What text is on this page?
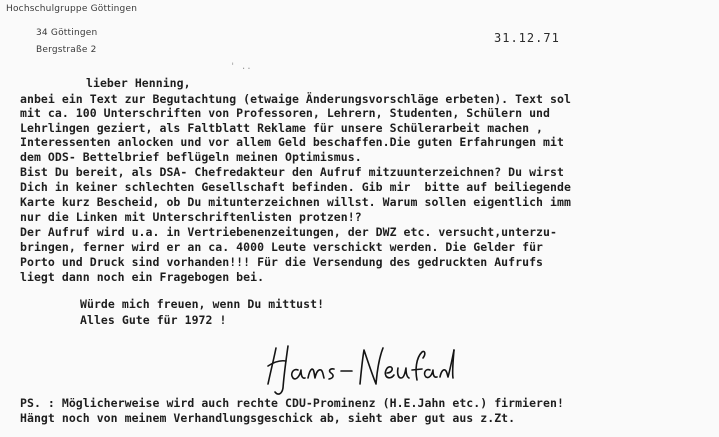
Hochschulgruppe Göttingen
34 Göttingen
Bergstraße 2
31.12.71
' ..
lieber Henning,
anbei ein Text zur Begutachtung (etwaige Änderungsvorschläge erbeten). Text sol
mit ca. 100 Unterschriften von Professoren, Lehrern, Studenten, Schülern und
Lehrlingen geziert, als Faltblatt Reklame für unsere Schülerarbeit machen ,
Interessenten anlocken und vor allem Geld beschaffen.Die guten Erfahrungen mit
dem ODS- Bettelbrief beflügeln meinen Optimismus.
Bist Du bereit, als DSA- Chefredakteur den Aufruf mitzuunterzeichnen? Du wirst
Dich in keiner schlechten Gesellschaft befinden. Gib mir  bitte auf beiliegende
Karte kurz Bescheid, ob Du mitunterzeichnen willst. Warum sollen eigentlich imm
nur die Linken mit Unterschriftenlisten protzen!?
Der Aufruf wird u.a. in Vertriebenenzeitungen, der DWZ etc. versucht,unterzu-
bringen, ferner wird er an ca. 4000 Leute verschickt werden. Die Gelder für
Porto und Druck sind vorhanden!!! Für die Versendung des gedruckten Aufrufs
liegt dann noch ein Fragebogen bei.
Würde mich freuen, wenn Du mittust!
Alles Gute für 1972 !
PS. : Möglicherweise wird auch rechte CDU-Prominenz (H.E.Jahn etc.) firmieren!
Hängt noch von meinem Verhandlungsgeschick ab, sieht aber gut aus z.Zt.
